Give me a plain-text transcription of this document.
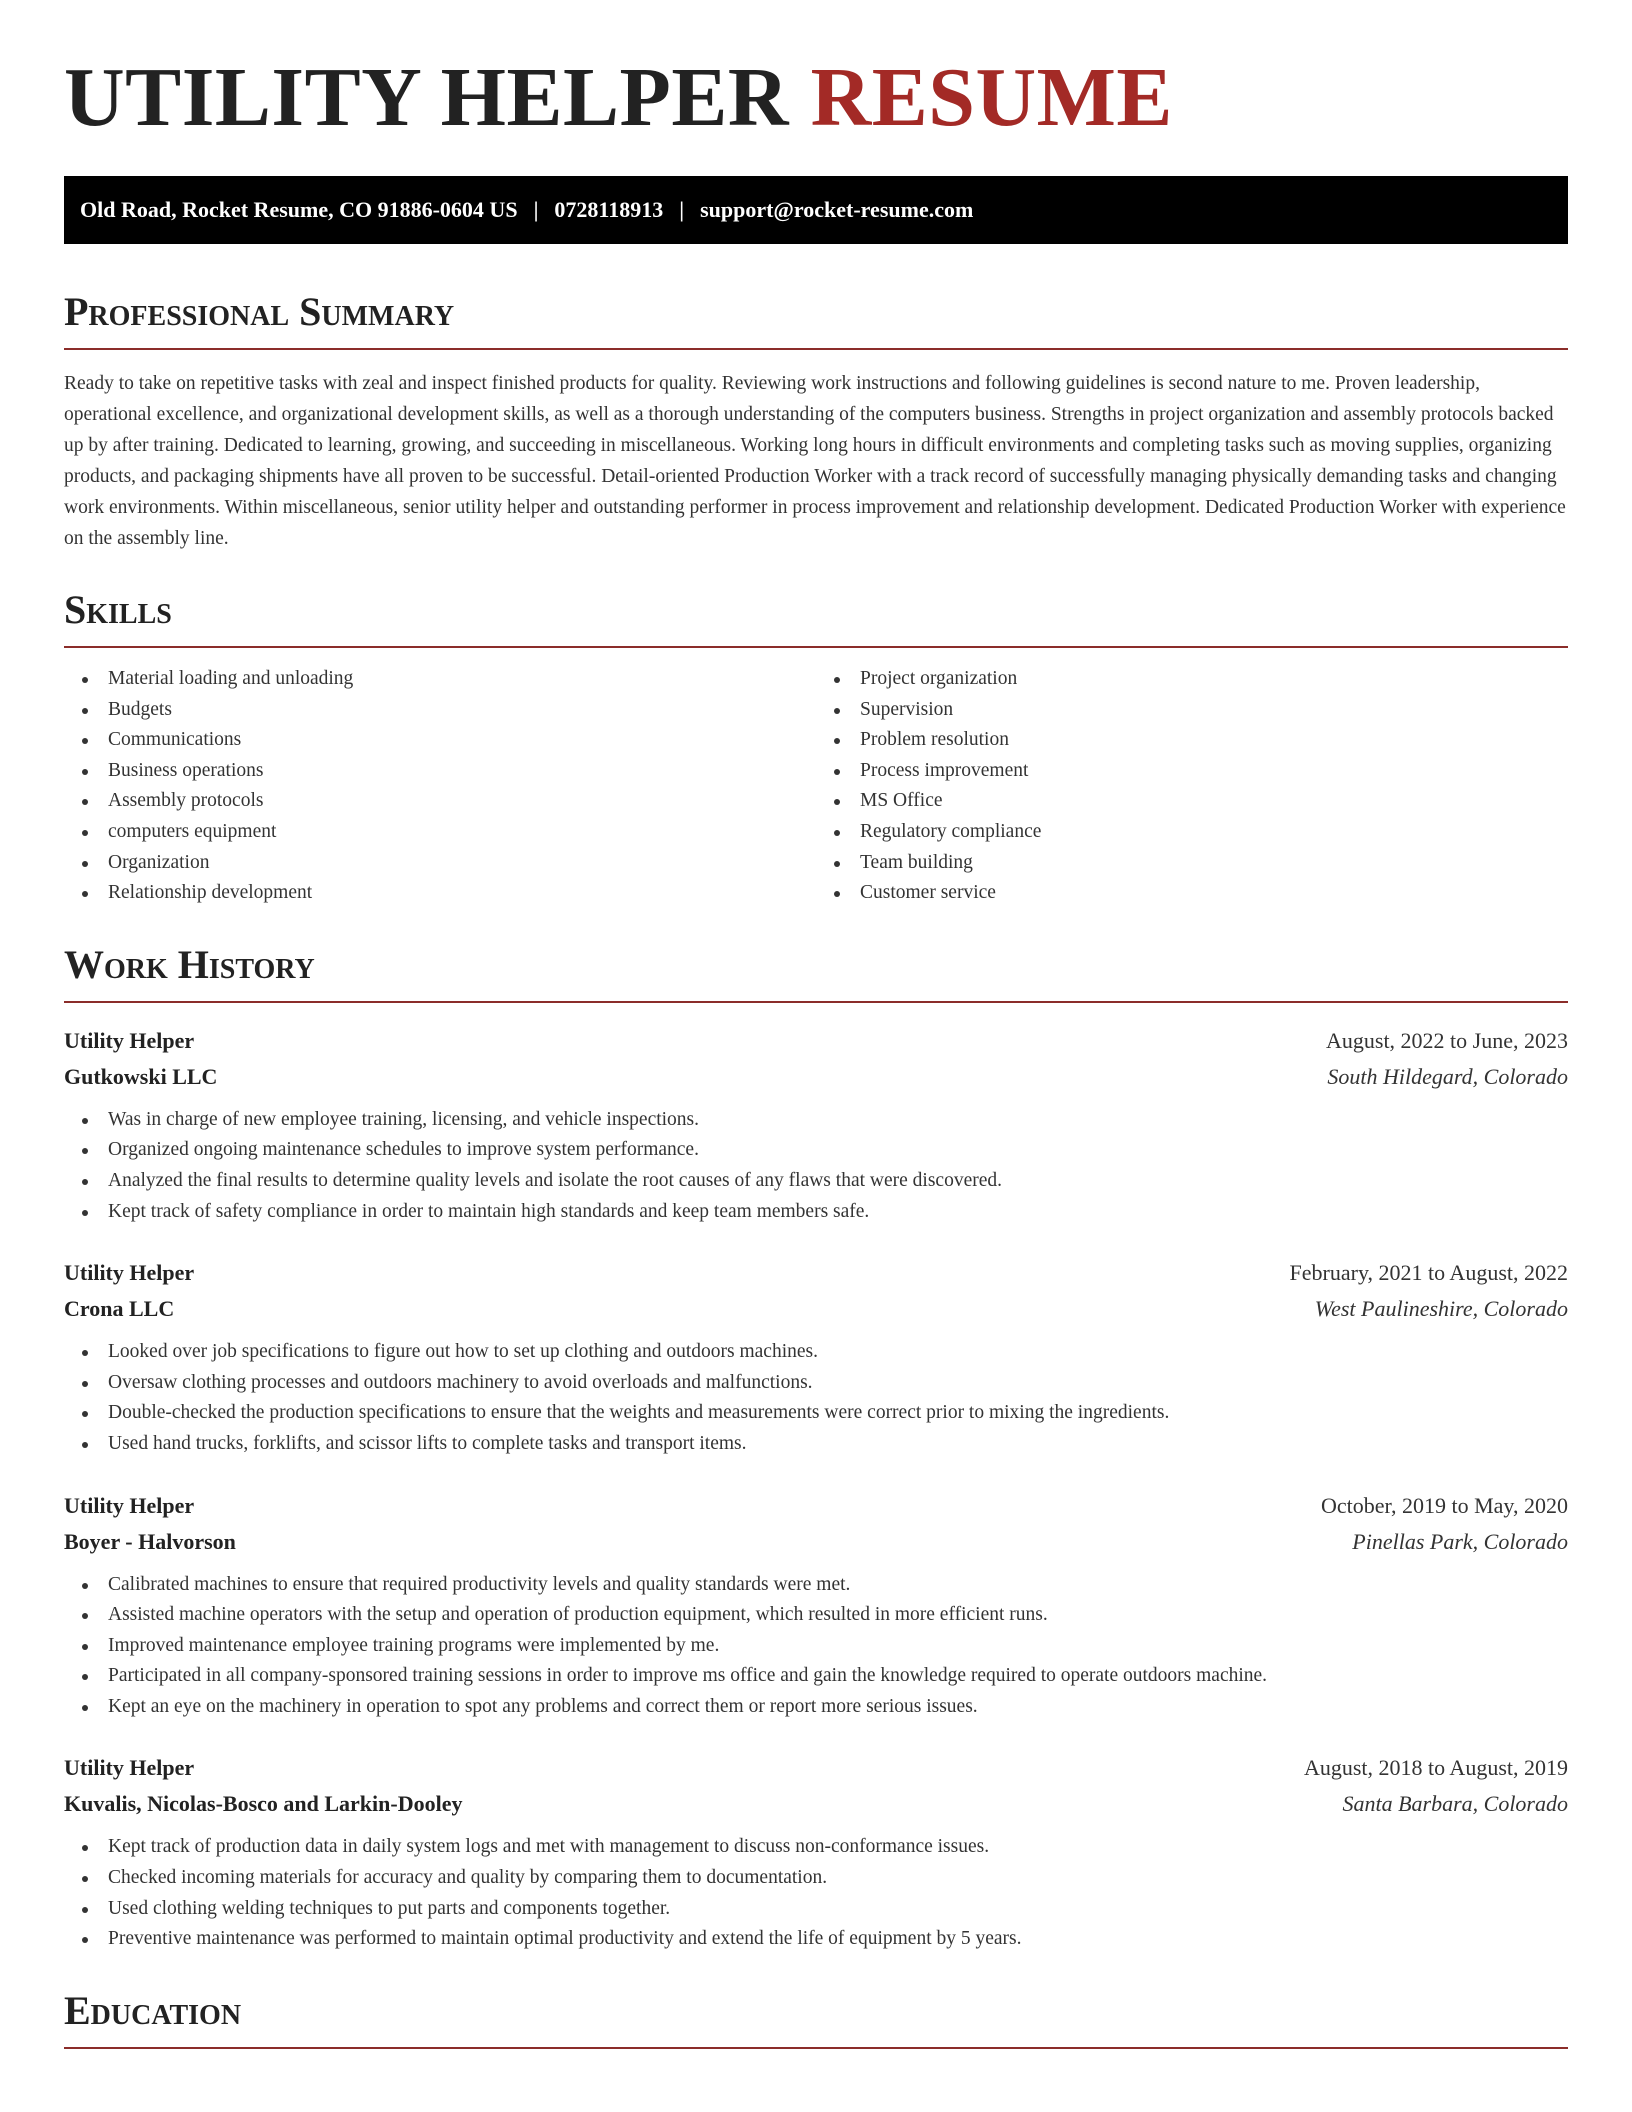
UTILITY HELPER RESUME
Old Road, Rocket Resume, CO 91886-0604 US | 0728118913 | support@rocket-resume.com
Professional Summary

Ready to take on repetitive tasks with zeal and inspect finished products for quality. Reviewing work instructions and following guidelines is second nature to me. Proven leadership, operational excellence, and organizational development skills, as well as a thorough understanding of the computers business. Strengths in project organization and assembly protocols backed up by after training. Dedicated to learning, growing, and succeeding in miscellaneous. Working long hours in difficult environments and completing tasks such as moving supplies, organizing products, and packaging shipments have all proven to be successful. Detail-oriented Production Worker with a track record of successfully managing physically demanding tasks and changing work environments. Within miscellaneous, senior utility helper and outstanding performer in process improvement and relationship development. Dedicated Production Worker with experience on the assembly line.

Skills
Material loading and unloading
Budgets
Communications
Business operations
Assembly protocols
computers equipment
Organization
Relationship development
Project organization
Supervision
Problem resolution
Process improvement
MS Office
Regulatory compliance
Team building
Customer service
Work History
Utility Helper	August, 2022 to June, 2023
Gutkowski LLC	South Hildegard, Colorado
Was in charge of new employee training, licensing, and vehicle inspections.
Organized ongoing maintenance schedules to improve system performance.
Analyzed the final results to determine quality levels and isolate the root causes of any flaws that were discovered.
Kept track of safety compliance in order to maintain high standards and keep team members safe.
Utility Helper	February, 2021 to August, 2022
Crona LLC	West Paulineshire, Colorado
Looked over job specifications to figure out how to set up clothing and outdoors machines.
Oversaw clothing processes and outdoors machinery to avoid overloads and malfunctions.
Double-checked the production specifications to ensure that the weights and measurements were correct prior to mixing the ingredients.
Used hand trucks, forklifts, and scissor lifts to complete tasks and transport items.
Utility Helper	October, 2019 to May, 2020
Boyer - Halvorson	Pinellas Park, Colorado
Calibrated machines to ensure that required productivity levels and quality standards were met.
Assisted machine operators with the setup and operation of production equipment, which resulted in more efficient runs.
Improved maintenance employee training programs were implemented by me.
Participated in all company-sponsored training sessions in order to improve ms office and gain the knowledge required to operate outdoors machine.
Kept an eye on the machinery in operation to spot any problems and correct them or report more serious issues.
Utility Helper	August, 2018 to August, 2019
Kuvalis, Nicolas-Bosco and Larkin-Dooley	Santa Barbara, Colorado
Kept track of production data in daily system logs and met with management to discuss non-conformance issues.
Checked incoming materials for accuracy and quality by comparing them to documentation.
Used clothing welding techniques to put parts and components together.
Preventive maintenance was performed to maintain optimal productivity and extend the life of equipment by 5 years.
Education
